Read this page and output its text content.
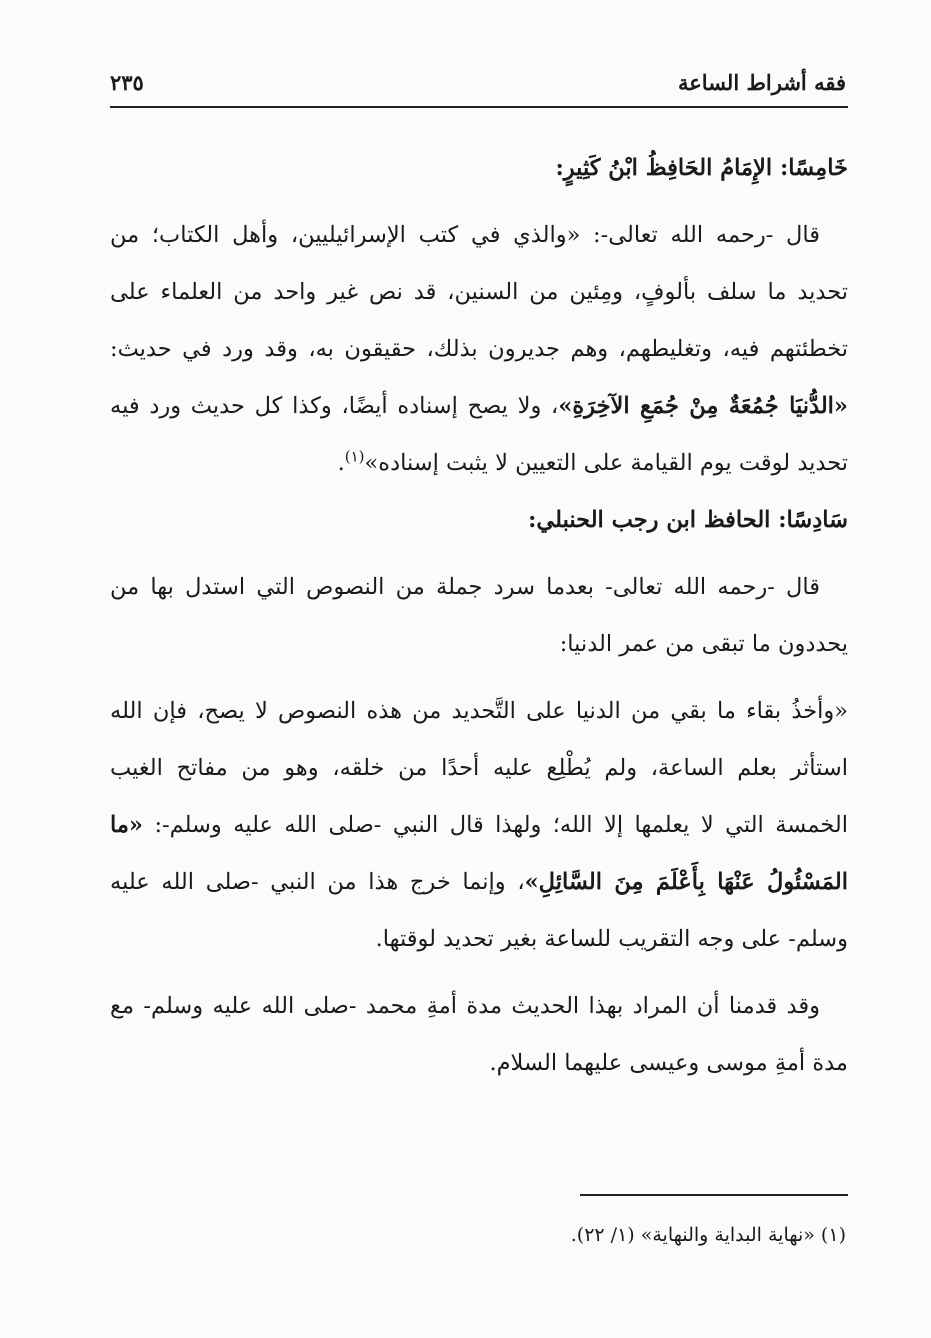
فقه أشراط الساعة
٢٣٥

خَامِسًا: الإِمَامُ الحَافِظُ ابْنُ كَثِيرٍ:

قال -رحمه الله تعالى-: «والذي في كتب الإسرائيليين، وأهل الكتاب؛ من تحديد ما سلف بألوفٍ، ومِئين من السنين، قد نص غير واحد من العلماء على تخطئتهم فيه، وتغليطهم، وهم جديرون بذلك، حقيقون به، وقد ورد في حديث: «الدُّنيَا جُمُعَةٌ مِنْ جُمَعِ الآخِرَةِ»، ولا يصح إسناده أيضًا، وكذا كل حديث ورد فيه تحديد لوقت يوم القيامة على التعيين لا يثبت إسناده»$^{(١)}$.

سَادِسًا: الحافظ ابن رجب الحنبلي:

قال -رحمه الله تعالى- بعدما سرد جملة من النصوص التي استدل بها من يحددون ما تبقى من عمر الدنيا:

«وأخذُ بقاء ما بقي من الدنيا على التَّحديد من هذه النصوص لا يصح، فإن الله استأثر بعلم الساعة، ولم يُطْلِع عليه أحدًا من خلقه، وهو من مفاتح الغيب الخمسة التي لا يعلمها إلا الله؛ ولهذا قال النبي -صلى الله عليه وسلم-: «ما المَسْئُولُ عَنْهَا بِأَعْلَمَ مِنَ السَّائِلِ»، وإنما خرج هذا من النبي -صلى الله عليه وسلم- على وجه التقريب للساعة بغير تحديد لوقتها.

وقد قدمنا أن المراد بهذا الحديث مدة أمةِ محمد -صلى الله عليه وسلم- مع مدة أمةِ موسى وعيسى عليهما السلام.

(١) «نهاية البداية والنهاية» (١/ ٢٢).
